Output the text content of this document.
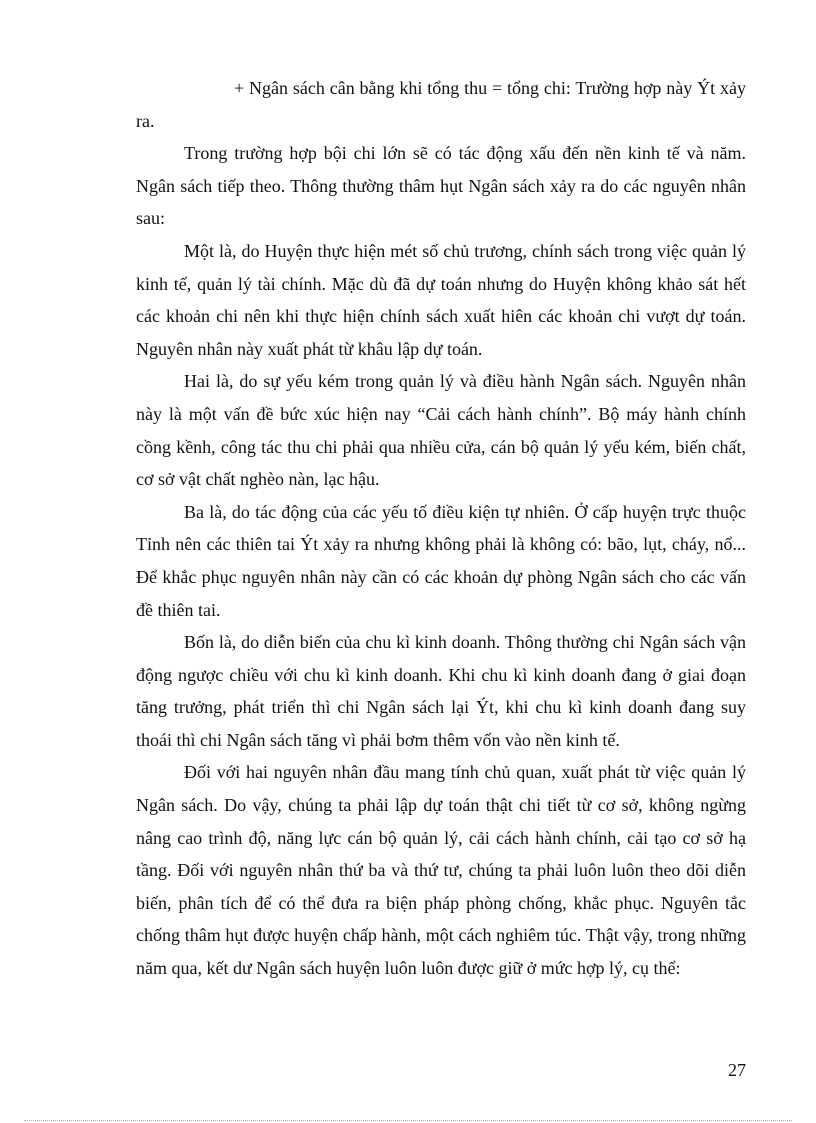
+ Ngân sách cân bằng khi tổng thu = tổng chi: Trường hợp này Ýt xảy ra.

Trong trường hợp bội chi lớn sẽ có tác động xấu đến nền kinh tế và năm. Ngân sách tiếp theo. Thông thường thâm hụt Ngân sách xảy ra do các nguyên nhân sau:

Một là, do Huyện thực hiện mét số chủ trương, chính sách trong việc quản lý kinh tế, quản lý tài chính. Mặc dù đã dự toán nhưng do Huyện không khảo sát hết các khoản chi nên khi thực hiện chính sách xuất hiên các khoản chi vượt dự toán. Nguyên nhân này xuất phát từ khâu lập dự toán.

Hai là, do sự yếu kém trong quản lý và điều hành Ngân sách. Nguyên nhân này là một vấn đề bức xúc hiện nay “Cải cách hành chính”. Bộ máy hành chính cồng kềnh, công tác thu chi phải qua nhiều cửa, cán bộ quản lý yếu kém, biến chất, cơ sở vật chất nghèo nàn, lạc hậu.

Ba là, do tác động của các yếu tố điều kiện tự nhiên. Ở cấp huyện trực thuộc Tỉnh nên các thiên tai Ýt xảy ra nhưng không phải là không có: bão, lụt, cháy, nổ... Để khắc phục nguyên nhân này cần có các khoản dự phòng Ngân sách cho các vấn đề thiên tai.

Bốn là, do diễn biến của chu kì kinh doanh. Thông thường chi Ngân sách vận động ngược chiều với chu kì kinh doanh. Khi chu kì kinh doanh đang ở giai đoạn tăng trưởng, phát triển thì chi Ngân sách lại Ýt, khi chu kì kinh doanh đang suy thoái thì chi Ngân sách tăng vì phải bơm thêm vốn vào nền kinh tế.

Đối với hai nguyên nhân đầu mang tính chủ quan, xuất phát từ việc quản lý Ngân sách. Do vậy, chúng ta phải lập dự toán thật chi tiết từ cơ sở, không ngừng nâng cao trình độ, năng lực cán bộ quản lý, cải cách hành chính, cải tạo cơ sở hạ tầng. Đối với nguyên nhân thứ ba và thứ tư, chúng ta phải luôn luôn theo dõi diễn biến, phân tích để có thể đưa ra biện pháp phòng chống, khắc phục. Nguyên tắc chống thâm hụt được huyện chấp hành, một cách nghiêm túc. Thật vậy, trong những năm qua, kết dư Ngân sách huyện luôn luôn được giữ ở mức hợp lý, cụ thể:

27
